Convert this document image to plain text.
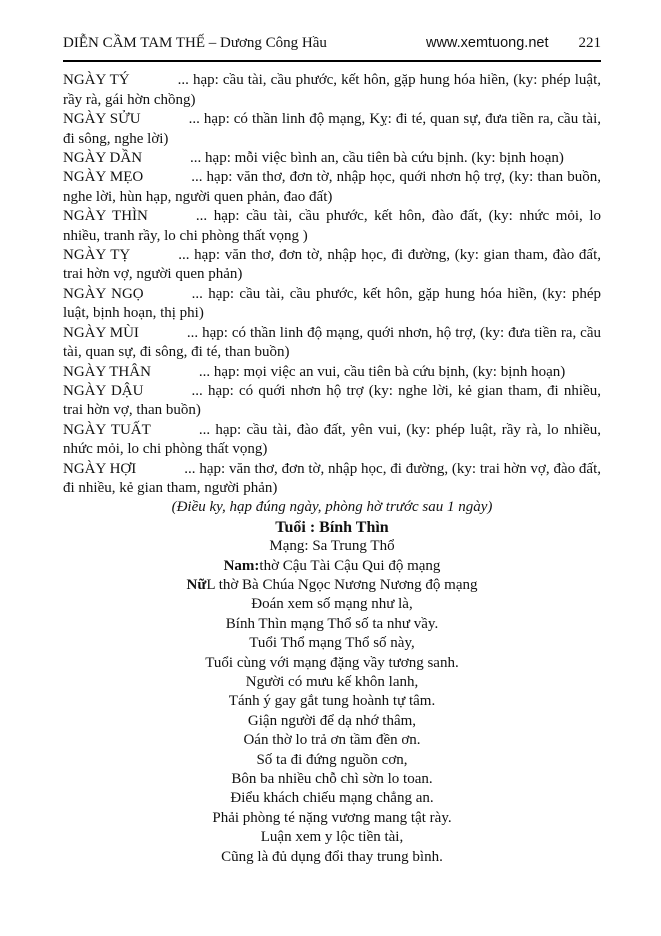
DIỄN CẦM TAM THẾ – Dương Công Hầu	www.xemtuong.net 221

NGÀY TÝ	... hạp: cầu tài, cầu phước, kết hôn, gặp hung hóa hiền, (ky: phép luật, rầy rà, gái hờn chồng)

NGÀY SỬU	... hạp: có thần linh độ mạng, Kỵ: đi té, quan sự, đưa tiền ra, cầu tài, đi sông, nghe lời)

NGÀY DẦN	... hạp: mỗi việc bình an, cầu tiên bà cứu bịnh. (ky: bịnh hoạn)

NGÀY MẸO	... hạp: văn thơ, đơn tờ, nhập học, quới nhơn hộ trợ, (ky: than buồn, nghe lời, hùn hạp, người quen phản, đao đất)

NGÀY THÌN	... hạp: cầu tài, cầu phước, kết hôn, đào đất, (ky: nhức mỏi, lo nhiều, tranh rầy, lo chi phòng thất vọng )

NGÀY TỴ	... hạp: văn thơ, đơn tờ, nhập học, đi đường, (ky: gian tham, đào đất, trai hờn vợ, người quen phản)

NGÀY NGỌ	... hạp: cầu tài, cầu phước, kết hôn, gặp hung hóa hiền, (ky: phép luật, bịnh hoạn, thị phi)

NGÀY MÙI	... hạp: có thần linh độ mạng, quới nhơn, hộ trợ, (ky: đưa tiền ra, cầu tài, quan sự, đi sông, đi té, than buồn)

NGÀY THÂN	... hạp: mọi việc an vui, cầu tiên bà cứu bịnh, (ky: bịnh hoạn)

NGÀY DẬU	... hạp: có quới nhơn hộ trợ (ky: nghe lời, kẻ gian tham, đi nhiều, trai hờn vợ, than buồn)

NGÀY TUẤT	... hạp: cầu tài, đào đất, yên vui, (ky: phép luật, rầy rà, lo nhiều, nhức mỏi, lo chi phòng thất vọng)

NGÀY HỢI	... hạp: văn thơ, đơn tờ, nhập học, đi đường, (ky: trai hờn vợ, đào đất, đi nhiều, kẻ gian tham, người phản)

(Điều ky, hạp đúng ngày, phòng hờ trước sau 1 ngày)

Tuổi : Bính Thìn

Mạng: Sa Trung Thổ

Nam:thờ Cậu Tài Cậu Qui độ mạng

NữL thờ Bà Chúa Ngọc Nương Nương độ mạng

Đoán xem số mạng như là,
Bính Thìn mạng Thổ số ta như vầy.
Tuổi Thổ mạng Thổ số này,
Tuổi cùng với mạng đặng vầy tương sanh.
Người có mưu kế khôn lanh,
Tánh ý gay gắt tung hoành tự tâm.
Giận người để dạ nhớ thâm,
Oán thờ lo trả ơn tầm đền ơn.
Số ta đi đứng nguồn cơn,
Bôn ba nhiều chỗ chì sờn lo toan.
Điểu khách chiếu mạng chẳng an.
Phải phòng té nặng vương mang tật rày.
Luận xem y lộc tiền tài,
Cũng là đủ dụng đổi thay trung bình.
